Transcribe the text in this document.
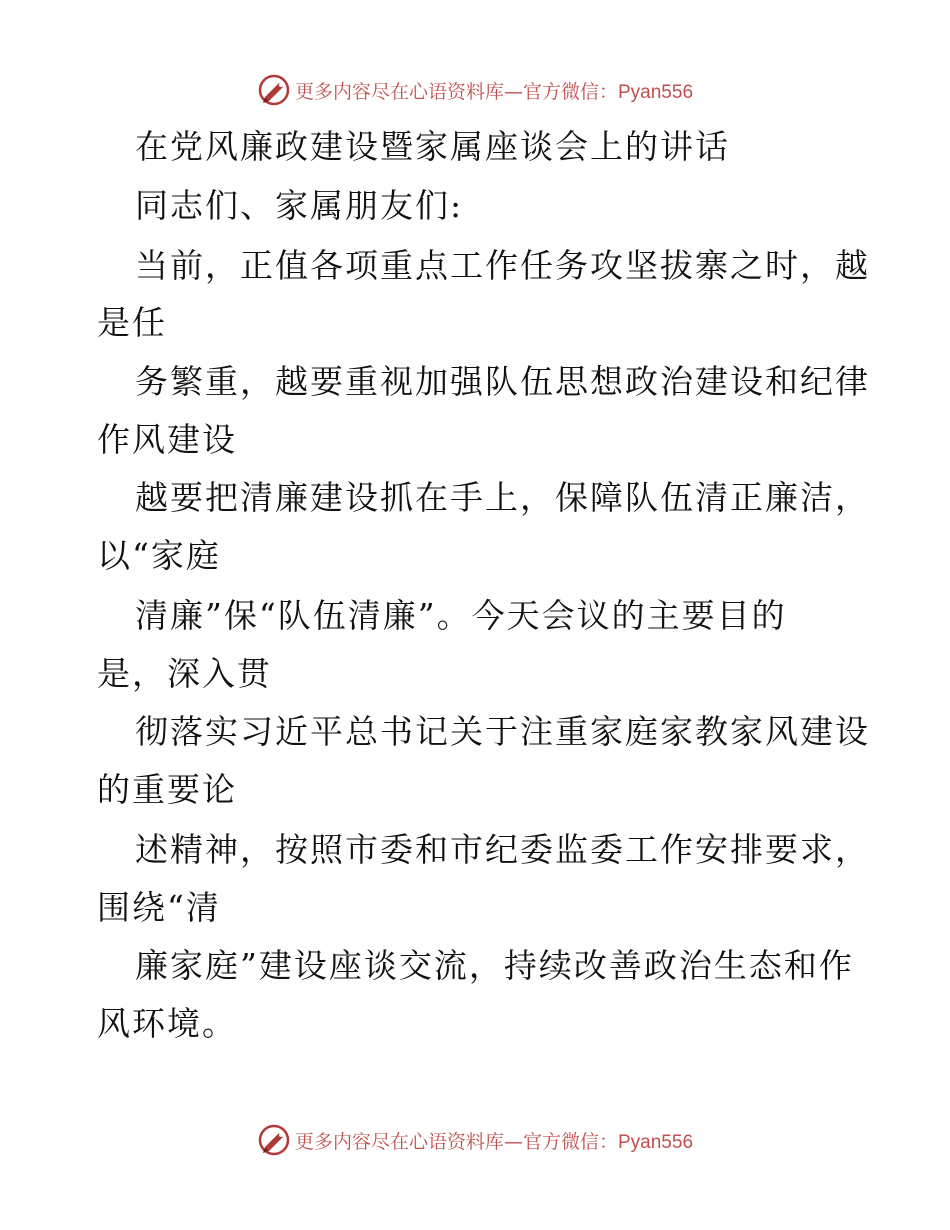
更多内容尽在心语资料库—官方微信：Pyan556
在党风廉政建设暨家属座谈会上的讲话
同志们、家属朋友们:
当前，正值各项重点工作任务攻坚拔寨之时，越
是任
务繁重，越要重视加强队伍思想政治建设和纪律
作风建设
越要把清廉建设抓在手上，保障队伍清正廉洁，
以“家庭
清廉”保“队伍清廉”。今天会议的主要目的
是，深入贯
彻落实习近平总书记关于注重家庭家教家风建设
的重要论
述精神，按照市委和市纪委监委工作安排要求，
围绕“清
廉家庭”建设座谈交流，持续改善政治生态和作
风环境。
更多内容尽在心语资料库—官方微信：Pyan556
